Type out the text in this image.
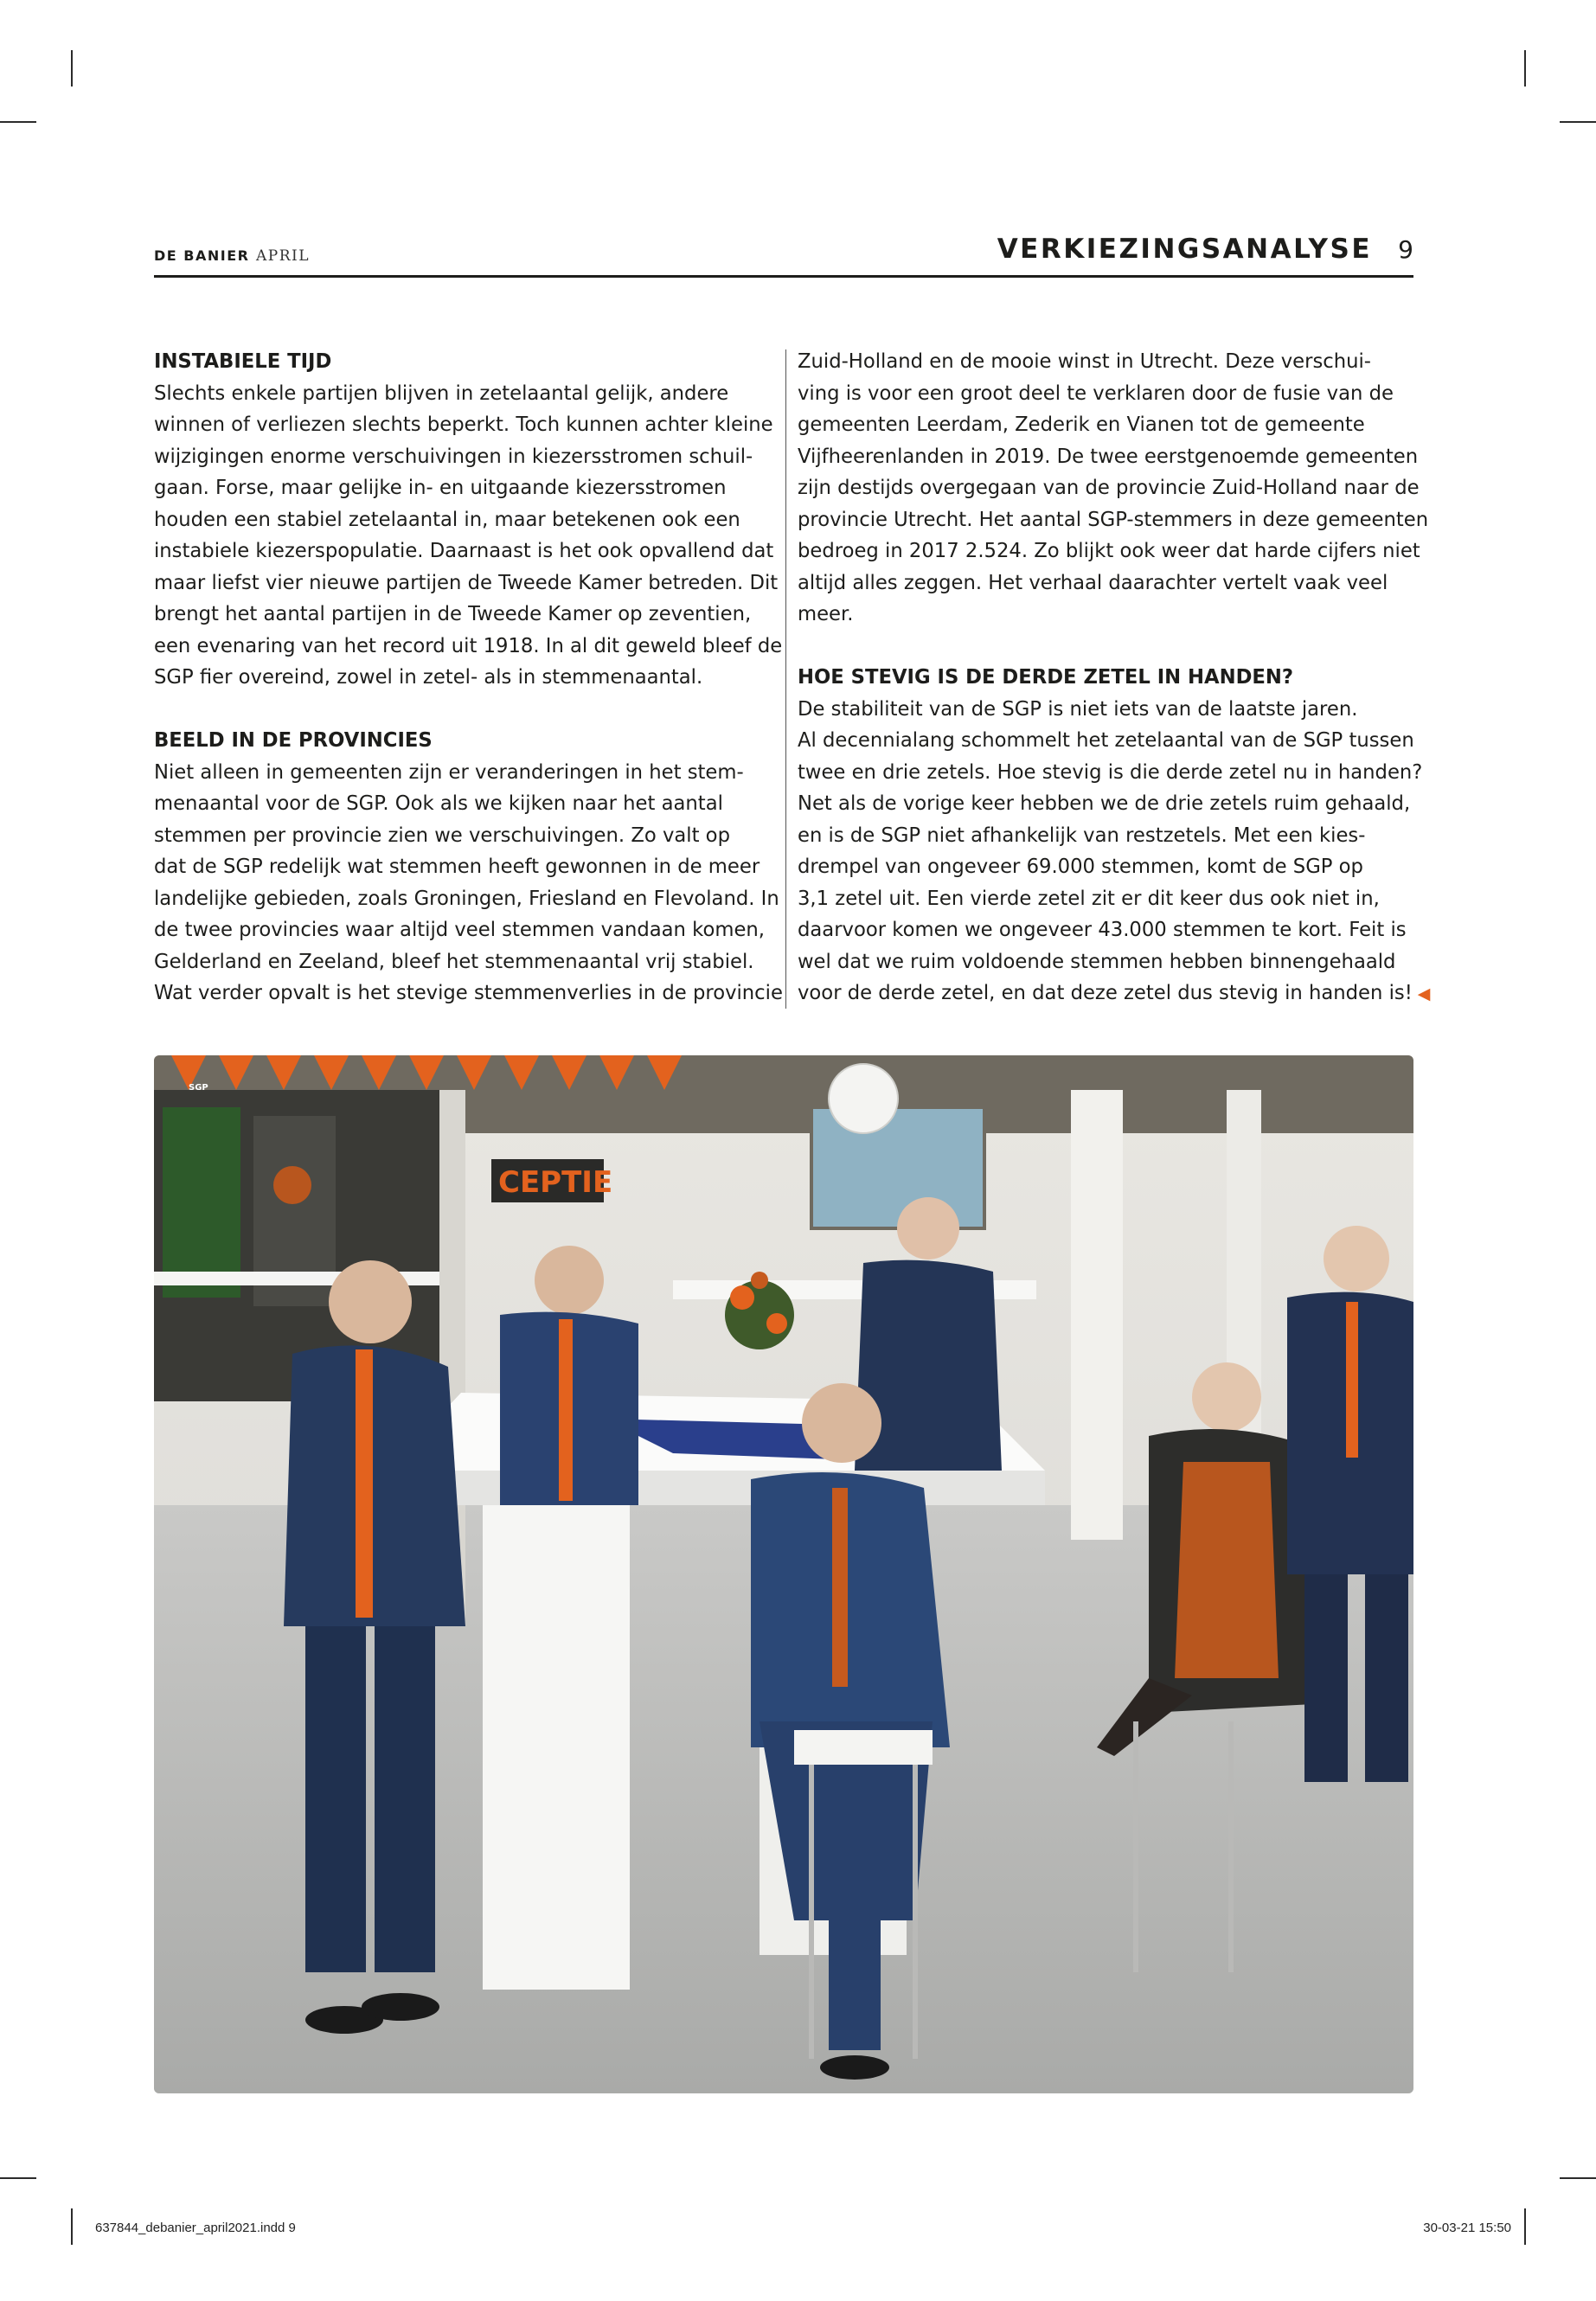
DE BANIER APRIL	VERKIEZINGSANALYSE 9
INSTABIELE TIJD

Slechts enkele partijen blijven in zetelaantal gelijk, andere
winnen of verliezen slechts beperkt. Toch kunnen achter kleine
wijzigingen enorme verschuivingen in kiezersstromen schuil-
gaan. Forse, maar gelijke in- en uitgaande kiezersstromen
houden een stabiel zetelaantal in, maar betekenen ook een
instabiele kiezerspopulatie. Daarnaast is het ook opvallend dat
maar liefst vier nieuwe partijen de Tweede Kamer betreden. Dit
brengt het aantal partijen in de Tweede Kamer op zeventien,
een evenaring van het record uit 1918. In al dit geweld bleef de
SGP fier overeind, zowel in zetel- als in stemmenaantal.

BEELD IN DE PROVINCIES

Niet alleen in gemeenten zijn er veranderingen in het stem-
menaantal voor de SGP. Ook als we kijken naar het aantal
stemmen per provincie zien we verschuivingen. Zo valt op
dat de SGP redelijk wat stemmen heeft gewonnen in de meer
landelijke gebieden, zoals Groningen, Friesland en Flevoland. In
de twee provincies waar altijd veel stemmen vandaan komen,
Gelderland en Zeeland, bleef het stemmenaantal vrij stabiel.
Wat verder opvalt is het stevige stemmenverlies in de provincie

Zuid-Holland en de mooie winst in Utrecht. Deze verschui-
ving is voor een groot deel te verklaren door de fusie van de
gemeenten Leerdam, Zederik en Vianen tot de gemeente
Vijfheerenlanden in 2019. De twee eerstgenoemde gemeenten
zijn destijds overgegaan van de provincie Zuid-Holland naar de
provincie Utrecht. Het aantal SGP-stemmers in deze gemeenten
bedroeg in 2017 2.524. Zo blijkt ook weer dat harde cijfers niet
altijd alles zeggen. Het verhaal daarachter vertelt vaak veel
meer.

HOE STEVIG IS DE DERDE ZETEL IN HANDEN?

De stabiliteit van de SGP is niet iets van de laatste jaren.
Al decennialang schommelt het zetelaantal van de SGP tussen
twee en drie zetels. Hoe stevig is die derde zetel nu in handen?
Net als de vorige keer hebben we de drie zetels ruim gehaald,
en is de SGP niet afhankelijk van restzetels. Met een kies-
drempel van ongeveer 69.000 stemmen, komt de SGP op
3,1 zetel uit. Een vierde zetel zit er dit keer dus ook niet in,
daarvoor komen we ongeveer 43.000 stemmen te kort. Feit is
wel dat we ruim voldoende stemmen hebben binnengehaald
voor de derde zetel, en dat deze zetel dus stevig in handen is! ◀

CEPTIE
SGP
637844_debanier_april2021.indd 9	30-03-21 15:50
